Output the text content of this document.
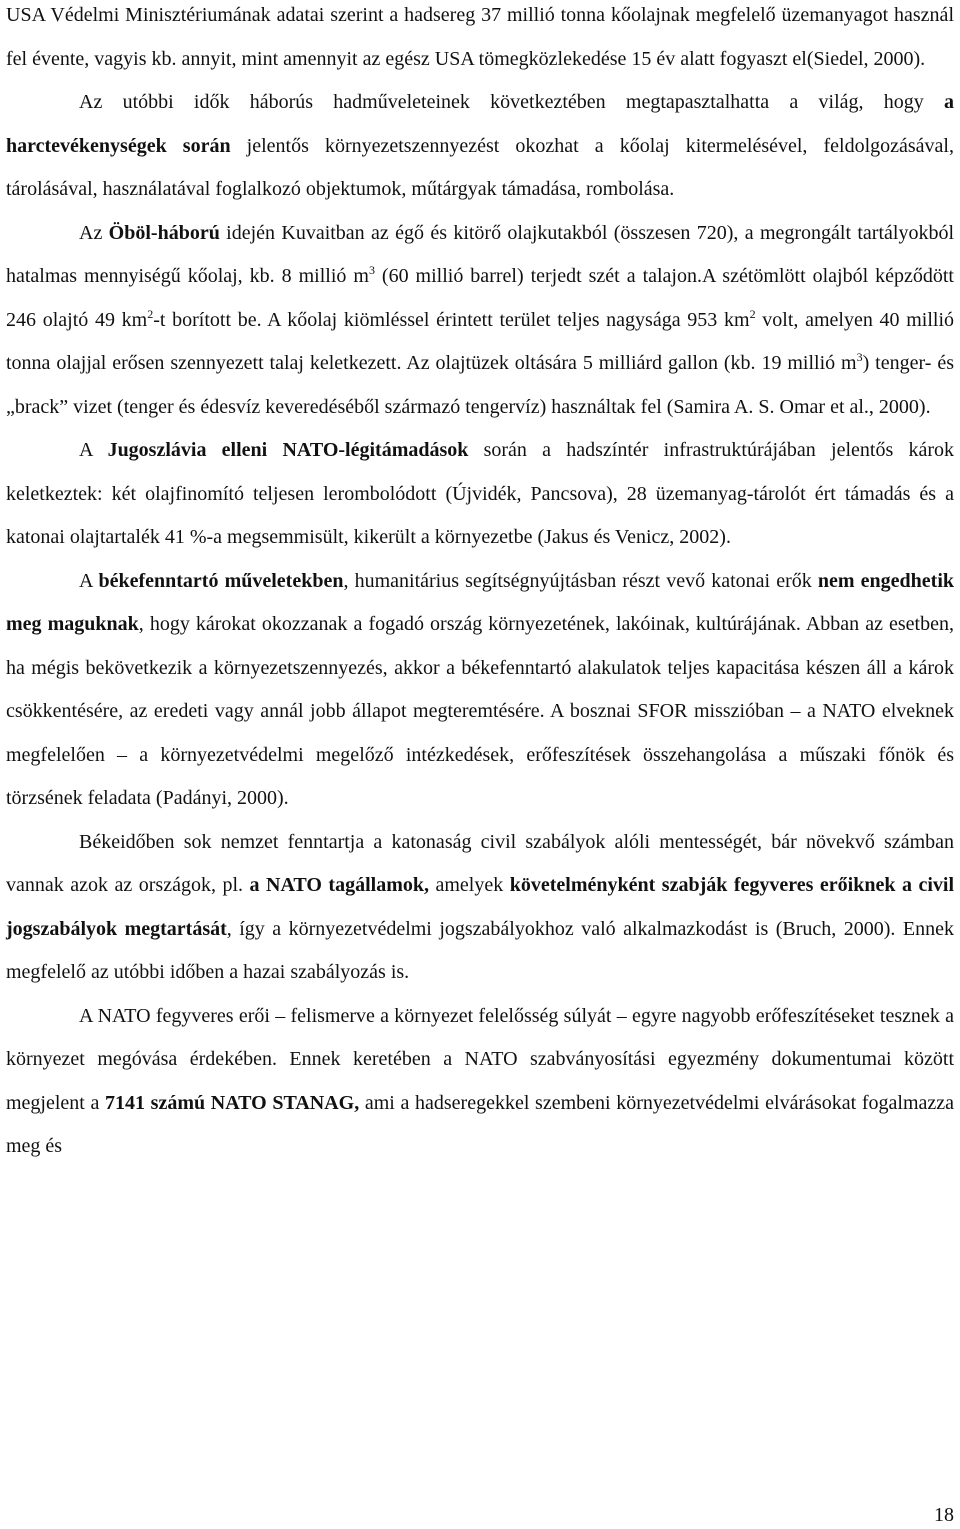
USA Védelmi Minisztériumának adatai szerint a hadsereg 37 millió tonna kőolajnak megfelelő üzemanyagot használ fel évente, vagyis kb. annyit, mint amennyit az egész USA tömegközlekedése 15 év alatt fogyaszt el(Siedel, 2000).

Az utóbbi idők háborús hadműveleteinek következtében megtapasztalhatta a világ, hogy a harctevékenységek során jelentős környezetszennyezést okozhat a kőolaj kitermelésével, feldolgozásával, tárolásával, használatával foglalkozó objektumok, műtárgyak támadása, rombolása.

Az Öböl-háború idején Kuvaitban az égő és kitörő olajkutakból (összesen 720), a megrongált tartályokból hatalmas mennyiségű kőolaj, kb. 8 millió $m^3$ (60 millió barrel) terjedt szét a talajon.A szétömlött olajból képződött 246 olajtó 49 $km^2-t$ borított be. A kőolaj kiömléssel érintett terület teljes nagysága 953 $km^2$ volt, amelyen 40 millió tonna olajjal erősen szennyezett talaj keletkezett. Az olajtüzek oltására 5 milliárd gallon (kb. 19 millió $m^3$) tenger- és „brack” vizet (tenger és édesvíz keveredéséből származó tengervíz) használtak fel (Samira A. S. Omar et al., 2000).

A Jugoszlávia elleni NATO-légitámadások során a hadszíntér infrastruktúrájában jelentős károk keletkeztek: két olajfinomító teljesen lerombolódott (Újvidék, Pancsova), 28 üzemanyag-tárolót ért támadás és a katonai olajtartalék 41 %-a megsemmisült, kikerült a környezetbe (Jakus és Venicz, 2002).

A békefenntartó műveletekben, humanitárius segítségnyújtásban részt vevő katonai erők nem engedhetik meg maguknak, hogy károkat okozzanak a fogadó ország környezetének, lakóinak, kultúrájának. Abban az esetben, ha mégis bekövetkezik a környezetszennyezés, akkor a békefenntartó alakulatok teljes kapacitása készen áll a károk csökkentésére, az eredeti vagy annál jobb állapot megteremtésére. A bosznai SFOR misszióban – a NATO elveknek megfelelően – a környezetvédelmi megelőző intézkedések, erőfeszítések összehangolása a műszaki főnök és törzsének feladata (Padányi, 2000).

Békeidőben sok nemzet fenntartja a katonaság civil szabályok alóli mentességét, bár növekvő számban vannak azok az országok, pl. a NATO tagállamok, amelyek követelményként szabják fegyveres erőiknek a civil jogszabályok megtartását, így a környezetvédelmi jogszabályokhoz való alkalmazkodást is (Bruch, 2000). Ennek megfelelő az utóbbi időben a hazai szabályozás is.

A NATO fegyveres erői – felismerve a környezet felelősség súlyát – egyre nagyobb erőfeszítéseket tesznek a környezet megóvása érdekében. Ennek keretében a NATO szabványosítási egyezmény dokumentumai között megjelent a 7141 számú NATO STANAG, ami a hadseregekkel szembeni környezetvédelmi elvárásokat fogalmazza meg és

18
